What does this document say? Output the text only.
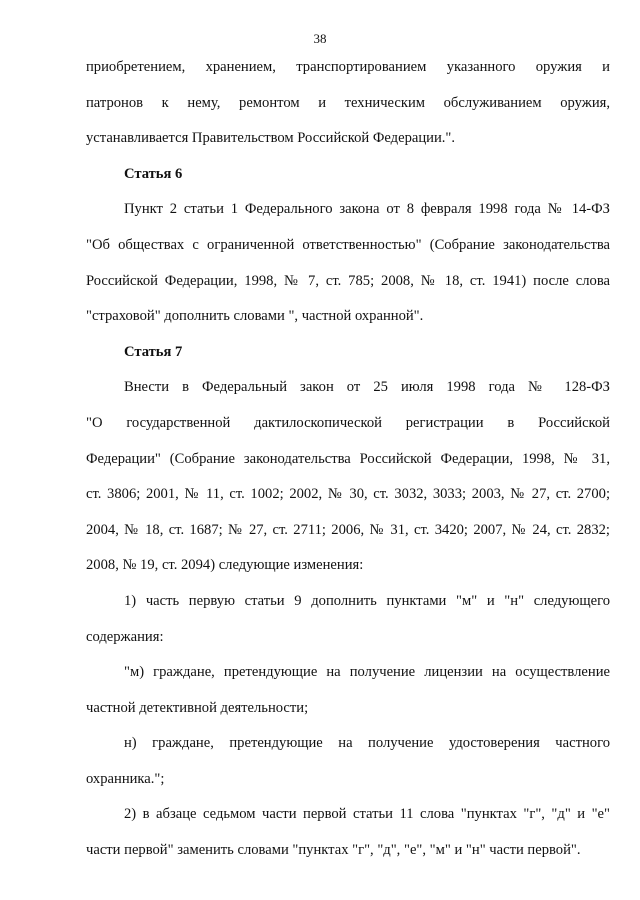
38
приобретением, хранением, транспортированием указанного оружия и
патронов к нему, ремонтом и техническим обслуживанием оружия,
устанавливается Правительством Российской Федерации.".
Статья 6
Пункт 2 статьи 1 Федерального закона от 8 февраля 1998 года № 14-ФЗ
"Об обществах с ограниченной ответственностью" (Собрание законодательства
Российской Федерации, 1998, № 7, ст. 785; 2008, № 18, ст. 1941) после слова
"страховой" дополнить словами ", частной охранной".
Статья 7
Внести в Федеральный закон от 25 июля 1998 года № 128-ФЗ
"О государственной дактилоскопической регистрации в Российской
Федерации" (Собрание законодательства Российской Федерации, 1998, № 31,
ст. 3806; 2001, № 11, ст. 1002; 2002, № 30, ст. 3032, 3033; 2003, № 27, ст. 2700;
2004, № 18, ст. 1687; № 27, ст. 2711; 2006, № 31, ст. 3420; 2007, № 24, ст. 2832;
2008, № 19, ст. 2094) следующие изменения:
1) часть первую статьи 9 дополнить пунктами "м" и "н" следующего
содержания:
"м) граждане, претендующие на получение лицензии на осуществление
частной детективной деятельности;
н) граждане, претендующие на получение удостоверения частного
охранника.";
2) в абзаце седьмом части первой статьи 11 слова "пунктах "г", "д" и "е"
части первой" заменить словами "пунктах "г", "д", "е", "м" и "н" части первой".
